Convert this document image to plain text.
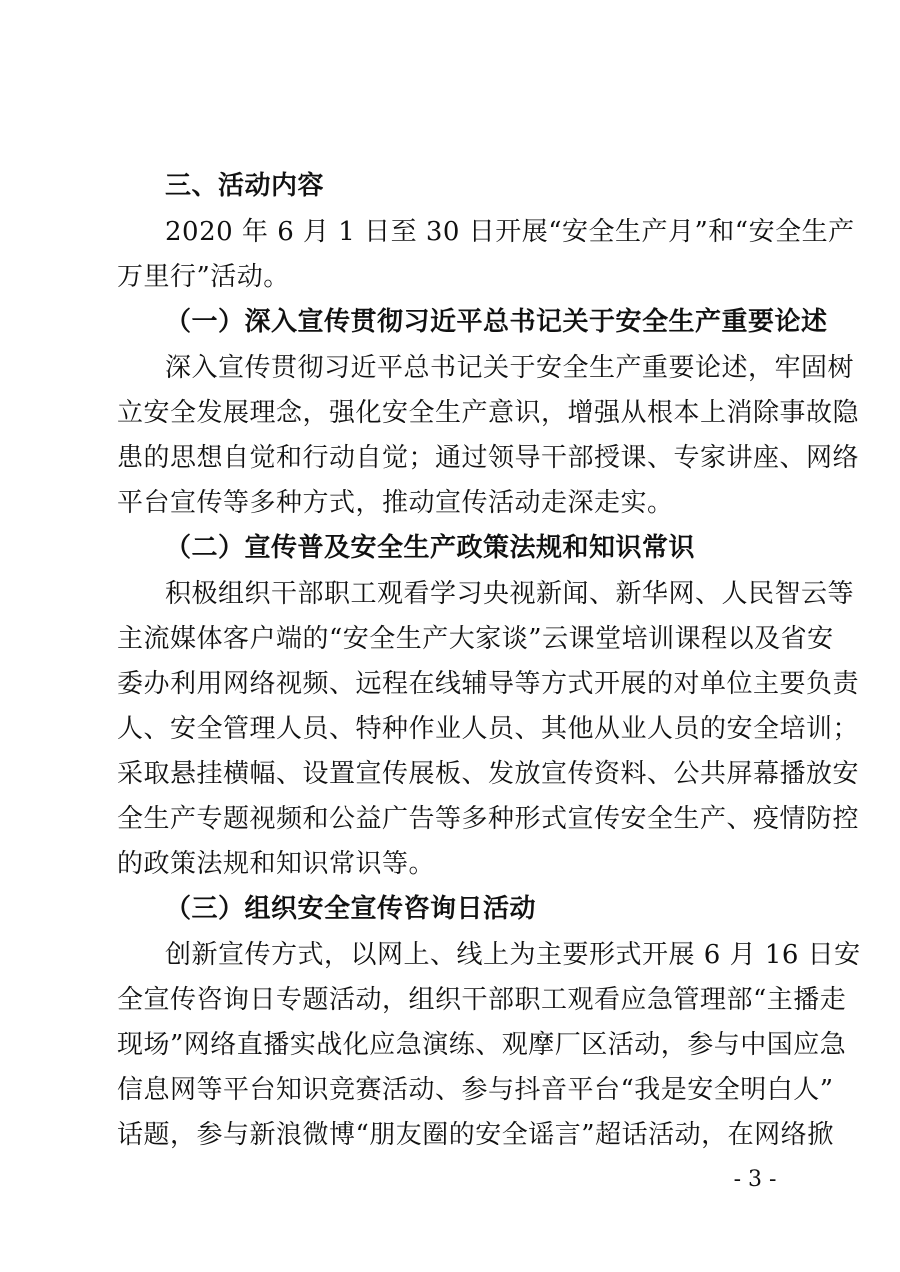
三、活动内容
2020 年 6 月 1 日至 30 日开展“安全生产月”和“安全生产
万里行”活动。
（一）深入宣传贯彻习近平总书记关于安全生产重要论述
深入宣传贯彻习近平总书记关于安全生产重要论述，牢固树
立安全发展理念，强化安全生产意识，增强从根本上消除事故隐
患的思想自觉和行动自觉；通过领导干部授课、专家讲座、网络
平台宣传等多种方式，推动宣传活动走深走实。
（二）宣传普及安全生产政策法规和知识常识
积极组织干部职工观看学习央视新闻、新华网、人民智云等
主流媒体客户端的“安全生产大家谈”云课堂培训课程以及省安
委办利用网络视频、远程在线辅导等方式开展的对单位主要负责
人、安全管理人员、特种作业人员、其他从业人员的安全培训；
采取悬挂横幅、设置宣传展板、发放宣传资料、公共屏幕播放安
全生产专题视频和公益广告等多种形式宣传安全生产、疫情防控
的政策法规和知识常识等。
（三）组织安全宣传咨询日活动
创新宣传方式，以网上、线上为主要形式开展 6 月 16 日安
全宣传咨询日专题活动，组织干部职工观看应急管理部“主播走
现场”网络直播实战化应急演练、观摩厂区活动，参与中国应急
信息网等平台知识竞赛活动、参与抖音平台“我是安全明白人”
话题，参与新浪微博“朋友圈的安全谣言”超话活动，在网络掀
- 3 -
